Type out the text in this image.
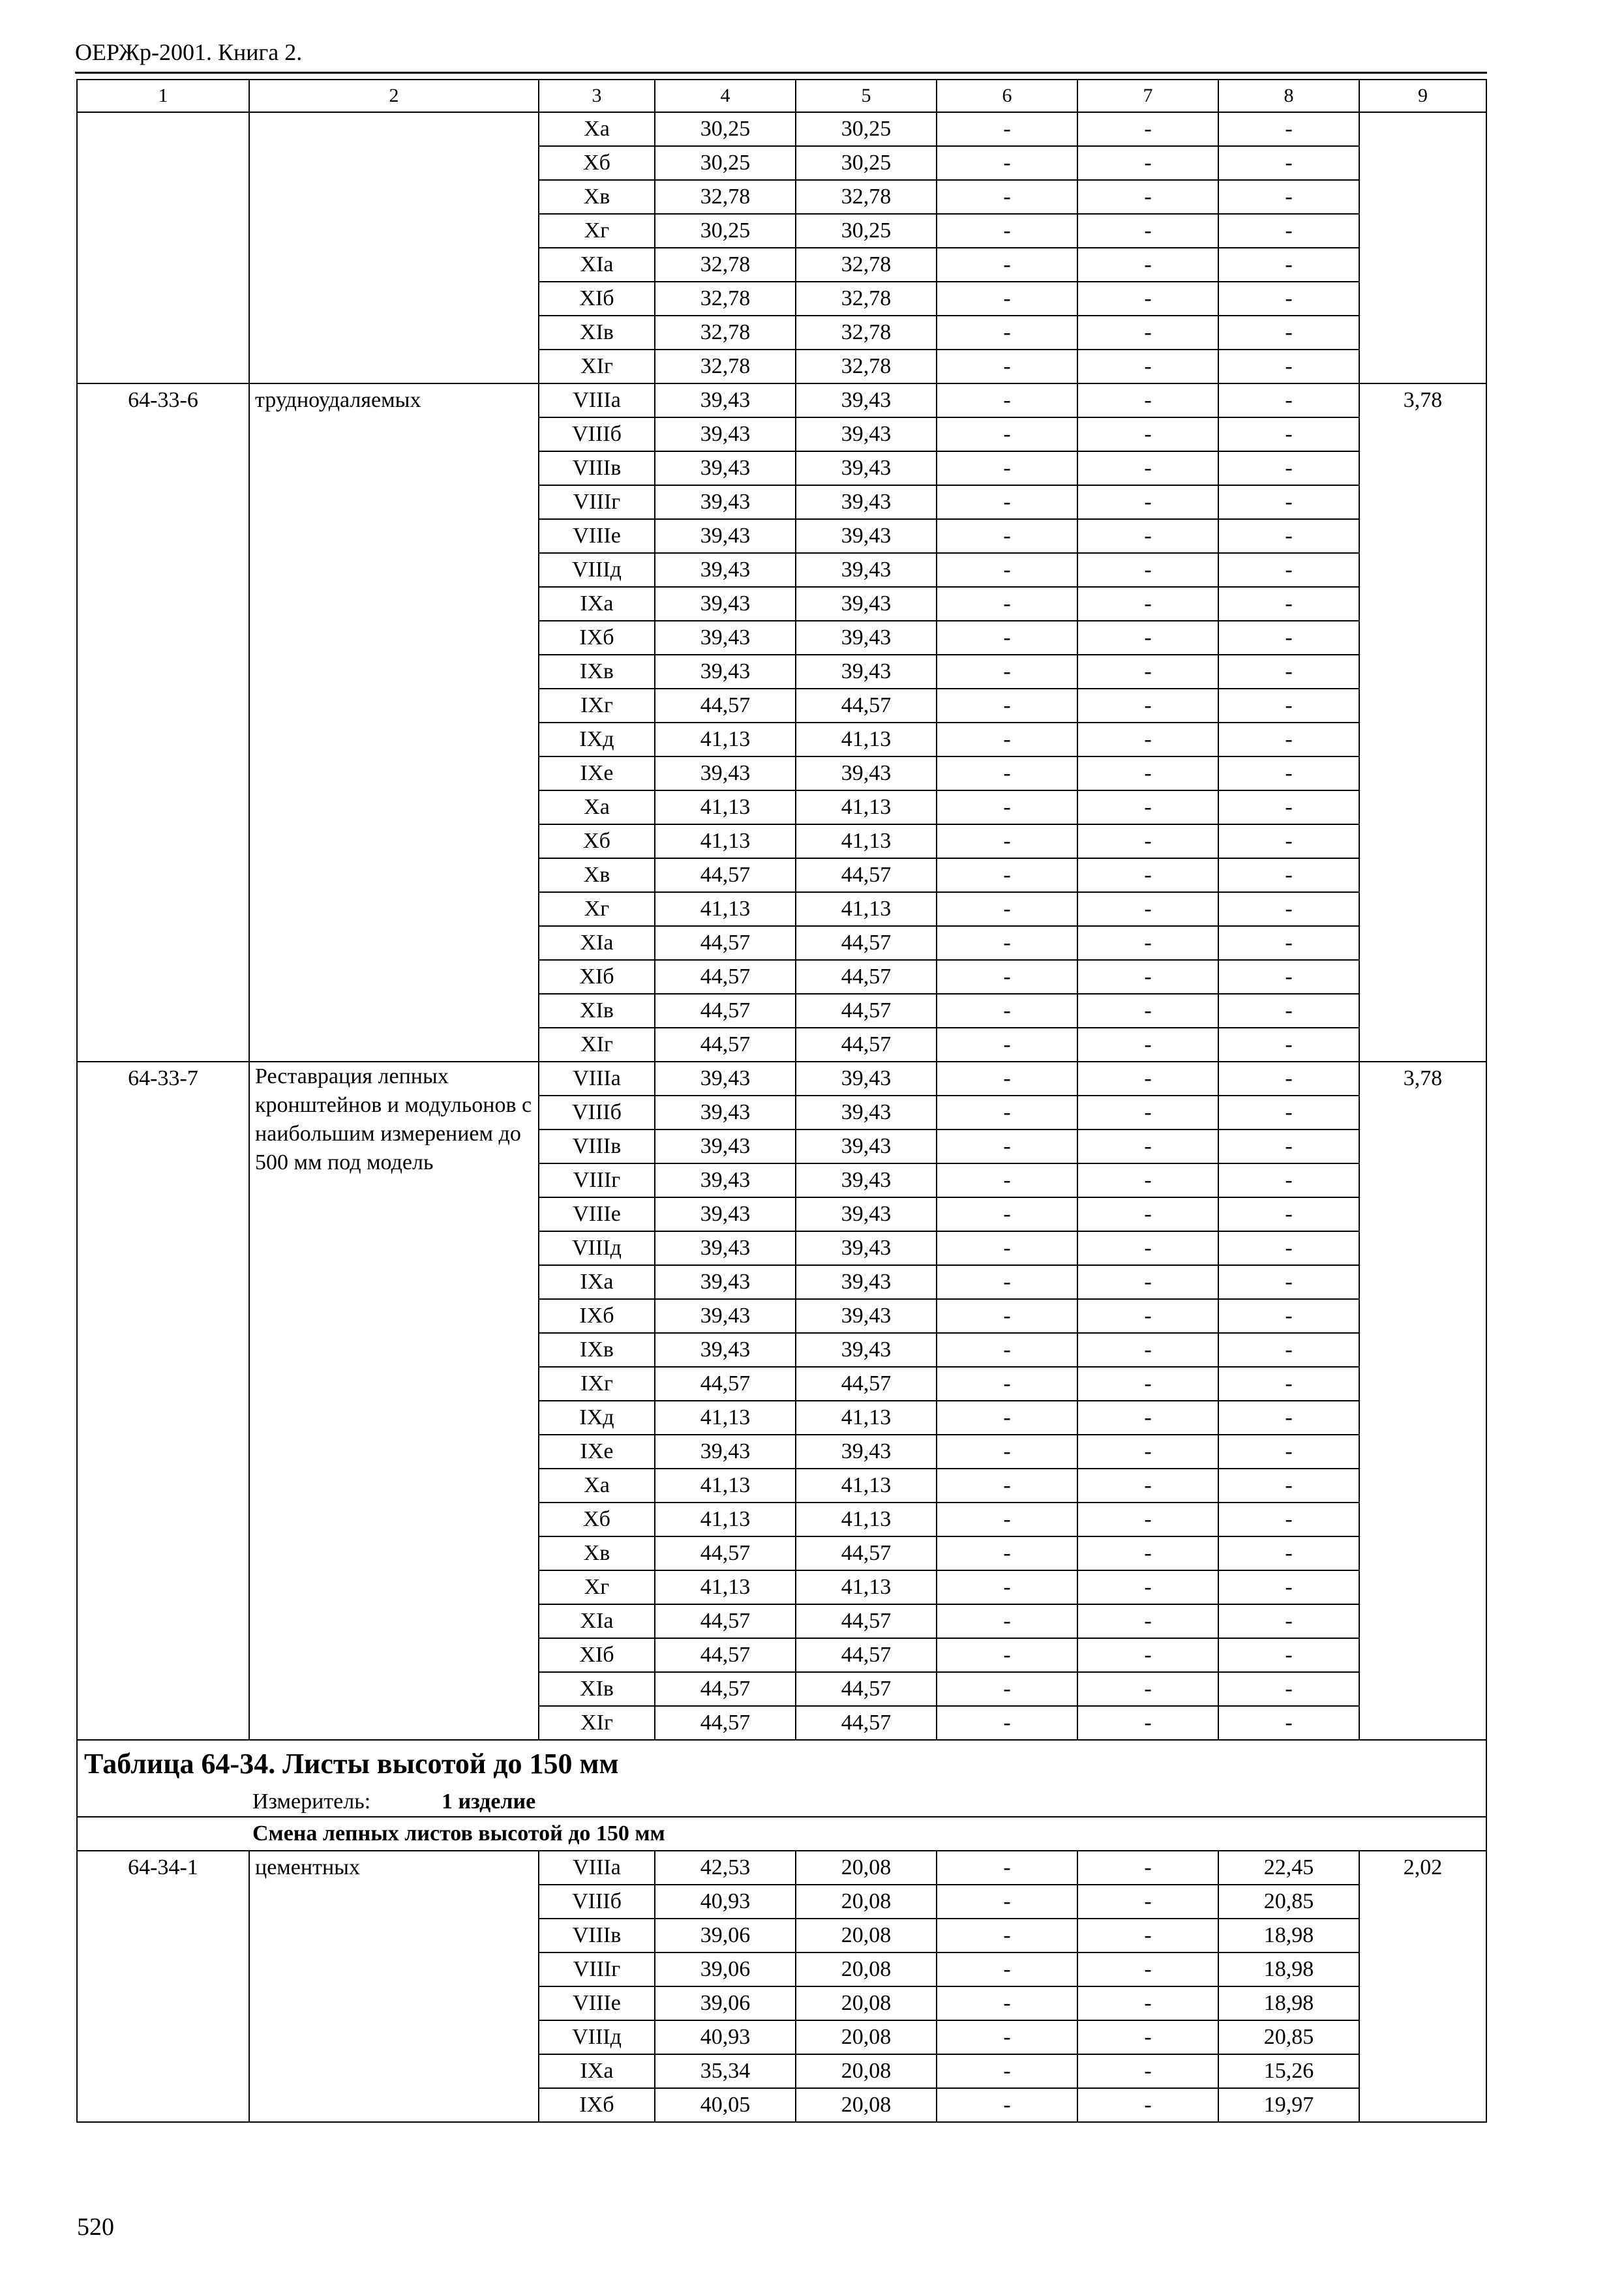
ОЕРЖр-2001. Книга 2.
1	2	3	4	5	6	7	8	9
		Xа	30,25	30,25	-	-	-	
		Xб	30,25	30,25	-	-	-	
		Xв	32,78	32,78	-	-	-	
		Xг	30,25	30,25	-	-	-	
		XIа	32,78	32,78	-	-	-	
		XIб	32,78	32,78	-	-	-	
		XIв	32,78	32,78	-	-	-	
		XIг	32,78	32,78	-	-	-	
64-33-6	трудноудаляемых	VIIIа	39,43	39,43	-	-	-	3,78
		VIIIб	39,43	39,43	-	-	-	
		VIIIв	39,43	39,43	-	-	-	
		VIIIг	39,43	39,43	-	-	-	
		VIIIе	39,43	39,43	-	-	-	
		VIIIд	39,43	39,43	-	-	-	
		IXа	39,43	39,43	-	-	-	
		IXб	39,43	39,43	-	-	-	
		IXв	39,43	39,43	-	-	-	
		IXг	44,57	44,57	-	-	-	
		IXд	41,13	41,13	-	-	-	
		IXе	39,43	39,43	-	-	-	
		Xа	41,13	41,13	-	-	-	
		Xб	41,13	41,13	-	-	-	
		Xв	44,57	44,57	-	-	-	
		Xг	41,13	41,13	-	-	-	
		XIа	44,57	44,57	-	-	-	
		XIб	44,57	44,57	-	-	-	
		XIв	44,57	44,57	-	-	-	
		XIг	44,57	44,57	-	-	-	
64-33-7	Реставрация лепных кронштейнов и модульонов с наибольшим измерением до 500 мм под модель	VIIIа	39,43	39,43	-	-	-	3,78
		VIIIб	39,43	39,43	-	-	-	
		VIIIв	39,43	39,43	-	-	-	
		VIIIг	39,43	39,43	-	-	-	
		VIIIе	39,43	39,43	-	-	-	
		VIIIд	39,43	39,43	-	-	-	
		IXа	39,43	39,43	-	-	-	
		IXб	39,43	39,43	-	-	-	
		IXв	39,43	39,43	-	-	-	
		IXг	44,57	44,57	-	-	-	
		IXд	41,13	41,13	-	-	-	
		IXе	39,43	39,43	-	-	-	
		Xа	41,13	41,13	-	-	-	
		Xб	41,13	41,13	-	-	-	
		Xв	44,57	44,57	-	-	-	
		Xг	41,13	41,13	-	-	-	
		XIа	44,57	44,57	-	-	-	
		XIб	44,57	44,57	-	-	-	
		XIв	44,57	44,57	-	-	-	
		XIг	44,57	44,57	-	-	-	
Таблица 64-34. Листы высотой до 150 мм								
Измеритель: 1 изделие								
Смена лепных листов высотой до 150 мм								
64-34-1	цементных	VIIIа	42,53	20,08	-	-	22,45	2,02
		VIIIб	40,93	20,08	-	-	20,85	
		VIIIв	39,06	20,08	-	-	18,98	
		VIIIг	39,06	20,08	-	-	18,98	
		VIIIе	39,06	20,08	-	-	18,98	
		VIIIд	40,93	20,08	-	-	20,85	
		IXа	35,34	20,08	-	-	15,26	
		IXб	40,05	20,08	-	-	19,97	
520
